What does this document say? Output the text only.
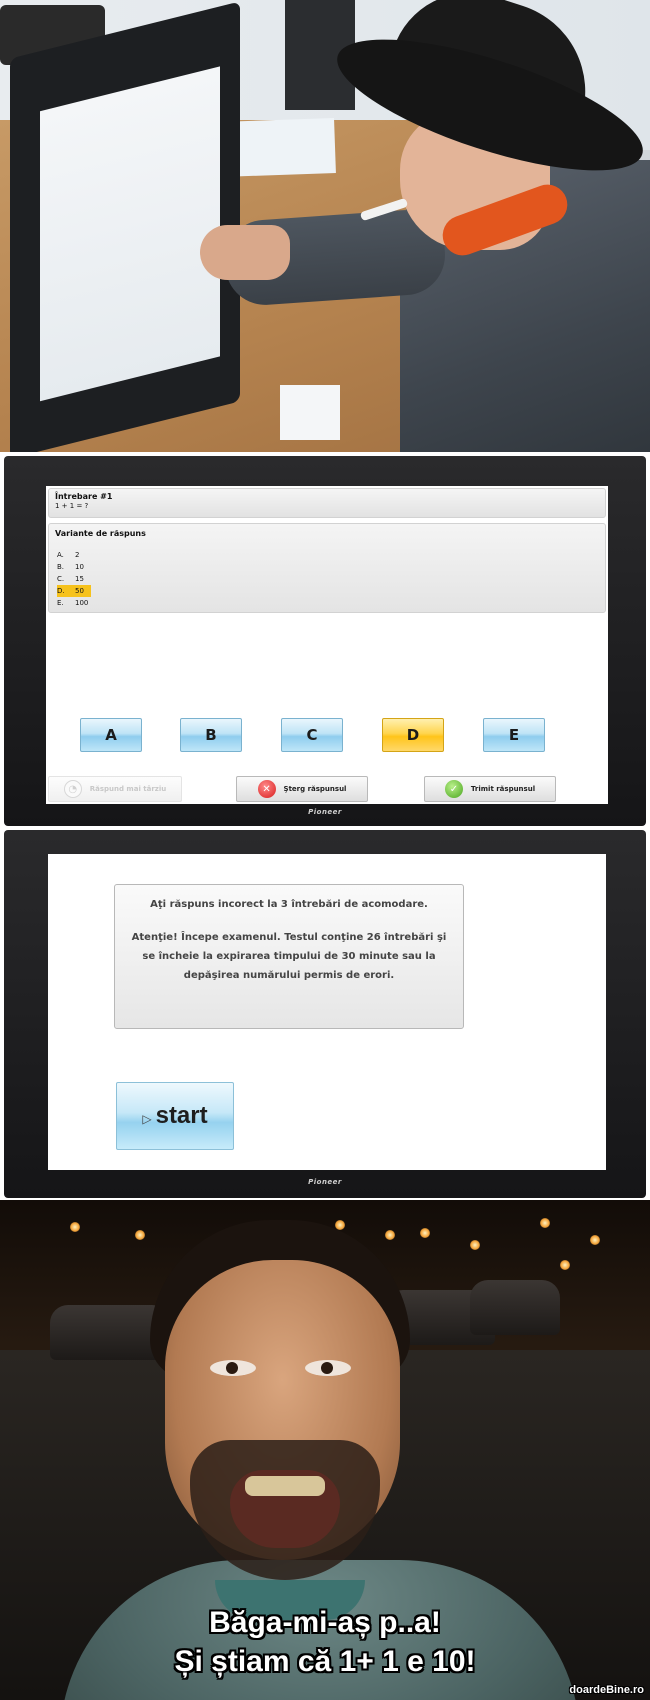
Întrebare #1
1 + 1 = ?
Variante de răspuns
A.	2
B.	10
C.	15
D.	50
E.	100
A	B	C	D	E
◔	Răspund mai târziu	✕	Şterg răspunsul	✓	Trimit răspunsul
Pioneer
Aţi răspuns incorect la 3 întrebări de acomodare.
Atenţie! Începe examenul. Testul conţine 26 întrebări şi se încheie la expirarea timpului de 30 minute sau la depăşirea numărului permis de erori.
▷ start
Pioneer
Băga-mi-aș p..a!
Și știam că 1+ 1 e 10!
doardeBine.ro
